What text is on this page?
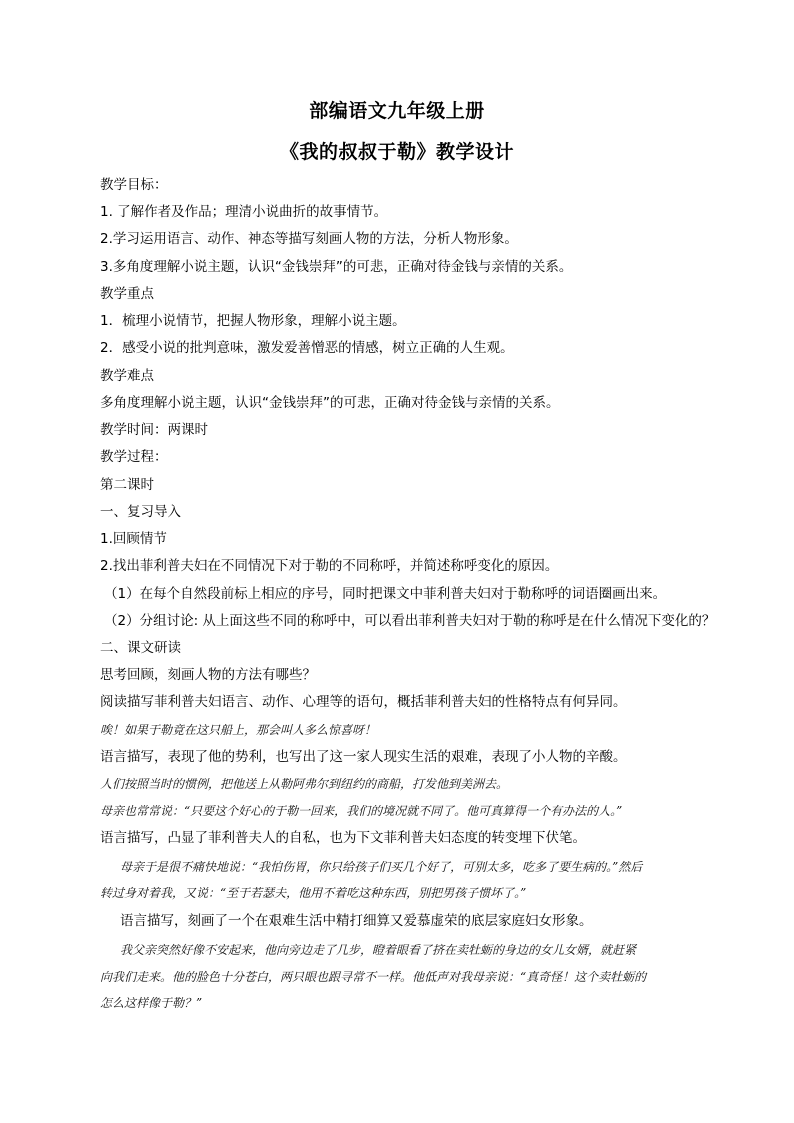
部编语文九年级上册
《我的叔叔于勒》教学设计
教学目标：
1. 了解作者及作品；理清小说曲折的故事情节。
2.学习运用语言、动作、神态等描写刻画人物的方法，分析人物形象。
3.多角度理解小说主题，认识“金钱崇拜”的可悲，正确对待金钱与亲情的关系。
教学重点
1．梳理小说情节，把握人物形象，理解小说主题。
2．感受小说的批判意味，激发爱善憎恶的情感，树立正确的人生观。
教学难点
多角度理解小说主题，认识“金钱崇拜”的可悲，正确对待金钱与亲情的关系。
教学时间：两课时
教学过程：
第二课时
一、复习导入
1.回顾情节
2.找出菲利普夫妇在不同情况下对于勒的不同称呼，并简述称呼变化的原因。
（1）在每个自然段前标上相应的序号，同时把课文中菲利普夫妇对于勒称呼的词语圈画出来。
（2）分组讨论: 从上面这些不同的称呼中，可以看出菲利普夫妇对于勒的称呼是在什么情况下变化的？
二、课文研读
思考回顾，刻画人物的方法有哪些？
阅读描写菲利普夫妇语言、动作、心理等的语句，概括菲利普夫妇的性格特点有何异同。
唉！如果于勒竟在这只船上，那会叫人多么惊喜呀！
语言描写，表现了他的势利，也写出了这一家人现实生活的艰难，表现了小人物的辛酸。
人们按照当时的惯例，把他送上从勒阿弗尔到纽约的商船，打发他到美洲去。
母亲也常常说：“只要这个好心的于勒一回来，我们的境况就不同了。他可真算得一个有办法的人。”
语言描写，凸显了菲利普夫人的自私，也为下文菲利普夫妇态度的转变埋下伏笔。
母亲于是很不痛快地说：“我怕伤胃，你只给孩子们买几个好了，可别太多，吃多了要生病的。”然后
转过身对着我，又说：“至于若瑟夫，他用不着吃这种东西，别把男孩子惯坏了。”
语言描写，刻画了一个在艰难生活中精打细算又爱慕虚荣的底层家庭妇女形象。
我父亲突然好像不安起来，他向旁边走了几步，瞪着眼看了挤在卖牡蛎的身边的女儿女婿，就赶紧
向我们走来。他的脸色十分苍白，两只眼也跟寻常不一样。他低声对我母亲说：“真奇怪！这个卖牡蛎的
怎么这样像于勒？”
